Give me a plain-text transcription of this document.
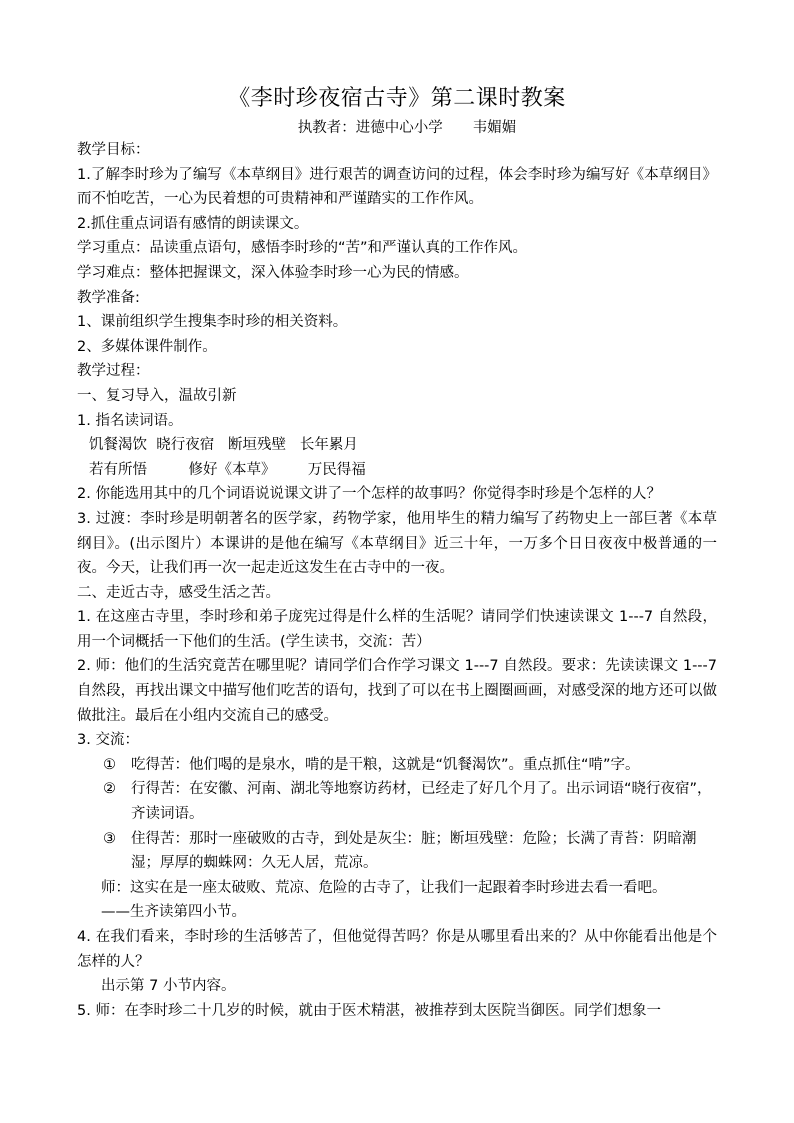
《李时珍夜宿古寺》第二课时教案
执教者：进德中心小学 韦媚媚

教学目标：

1.了解李时珍为了编写《本草纲目》进行艰苦的调查访问的过程，体会李时珍为编写好《本草纲目》而不怕吃苦，一心为民着想的可贵精神和严谨踏实的工作作风。

2.抓住重点词语有感情的朗读课文。

学习重点：品读重点语句，感悟李时珍的“苦”和严谨认真的工作作风。

学习难点：整体把握课文，深入体验李时珍一心为民的情感。

教学准备:

1、课前组织学生搜集李时珍的相关资料。

2、多媒体课件制作。

教学过程：

一、复习导入，温故引新

1. 指名读词语。

饥餐渴饮  晓行夜宿   断垣残壁   长年累月

若有所悟         修好《本草》       万民得福

2. 你能选用其中的几个词语说说课文讲了一个怎样的故事吗？你觉得李时珍是个怎样的人？

3. 过渡：李时珍是明朝著名的医学家，药物学家，他用毕生的精力编写了药物史上一部巨著《本草纲目》。(出示图片）本课讲的是他在编写《本草纲目》近三十年，一万多个日日夜夜中极普通的一夜。今天，让我们再一次一起走近这发生在古寺中的一夜。

二、走近古寺，感受生活之苦。

1. 在这座古寺里，李时珍和弟子庞宪过得是什么样的生活呢？请同学们快速读课文 1---7 自然段，用一个词概括一下他们的生活。(学生读书，交流：苦）

2. 师：他们的生活究竟苦在哪里呢？请同学们合作学习课文 1---7 自然段。要求：先读读课文 1---7 自然段，再找出课文中描写他们吃苦的语句，找到了可以在书上圈圈画画，对感受深的地方还可以做做批注。最后在小组内交流自己的感受。

3. 交流：

①	吃得苦：他们喝的是泉水，啃的是干粮，这就是“饥餐渴饮”。重点抓住“啃”字。
②	行得苦：在安徽、河南、湖北等地察访药材，已经走了好几个月了。出示词语“晓行夜宿”，齐读词语。
③	住得苦：那时一座破败的古寺，到处是灰尘：脏；断垣残壁：危险；长满了青苔：阴暗潮湿；厚厚的蜘蛛网：久无人居，荒凉。

师：这实在是一座太破败、荒凉、危险的古寺了，让我们一起跟着李时珍进去看一看吧。

——生齐读第四小节。

4. 在我们看来，李时珍的生活够苦了，但他觉得苦吗？你是从哪里看出来的？从中你能看出他是个怎样的人？

出示第 7 小节内容。

5. 师：在李时珍二十几岁的时候，就由于医术精湛，被推荐到太医院当御医。同学们想象一
